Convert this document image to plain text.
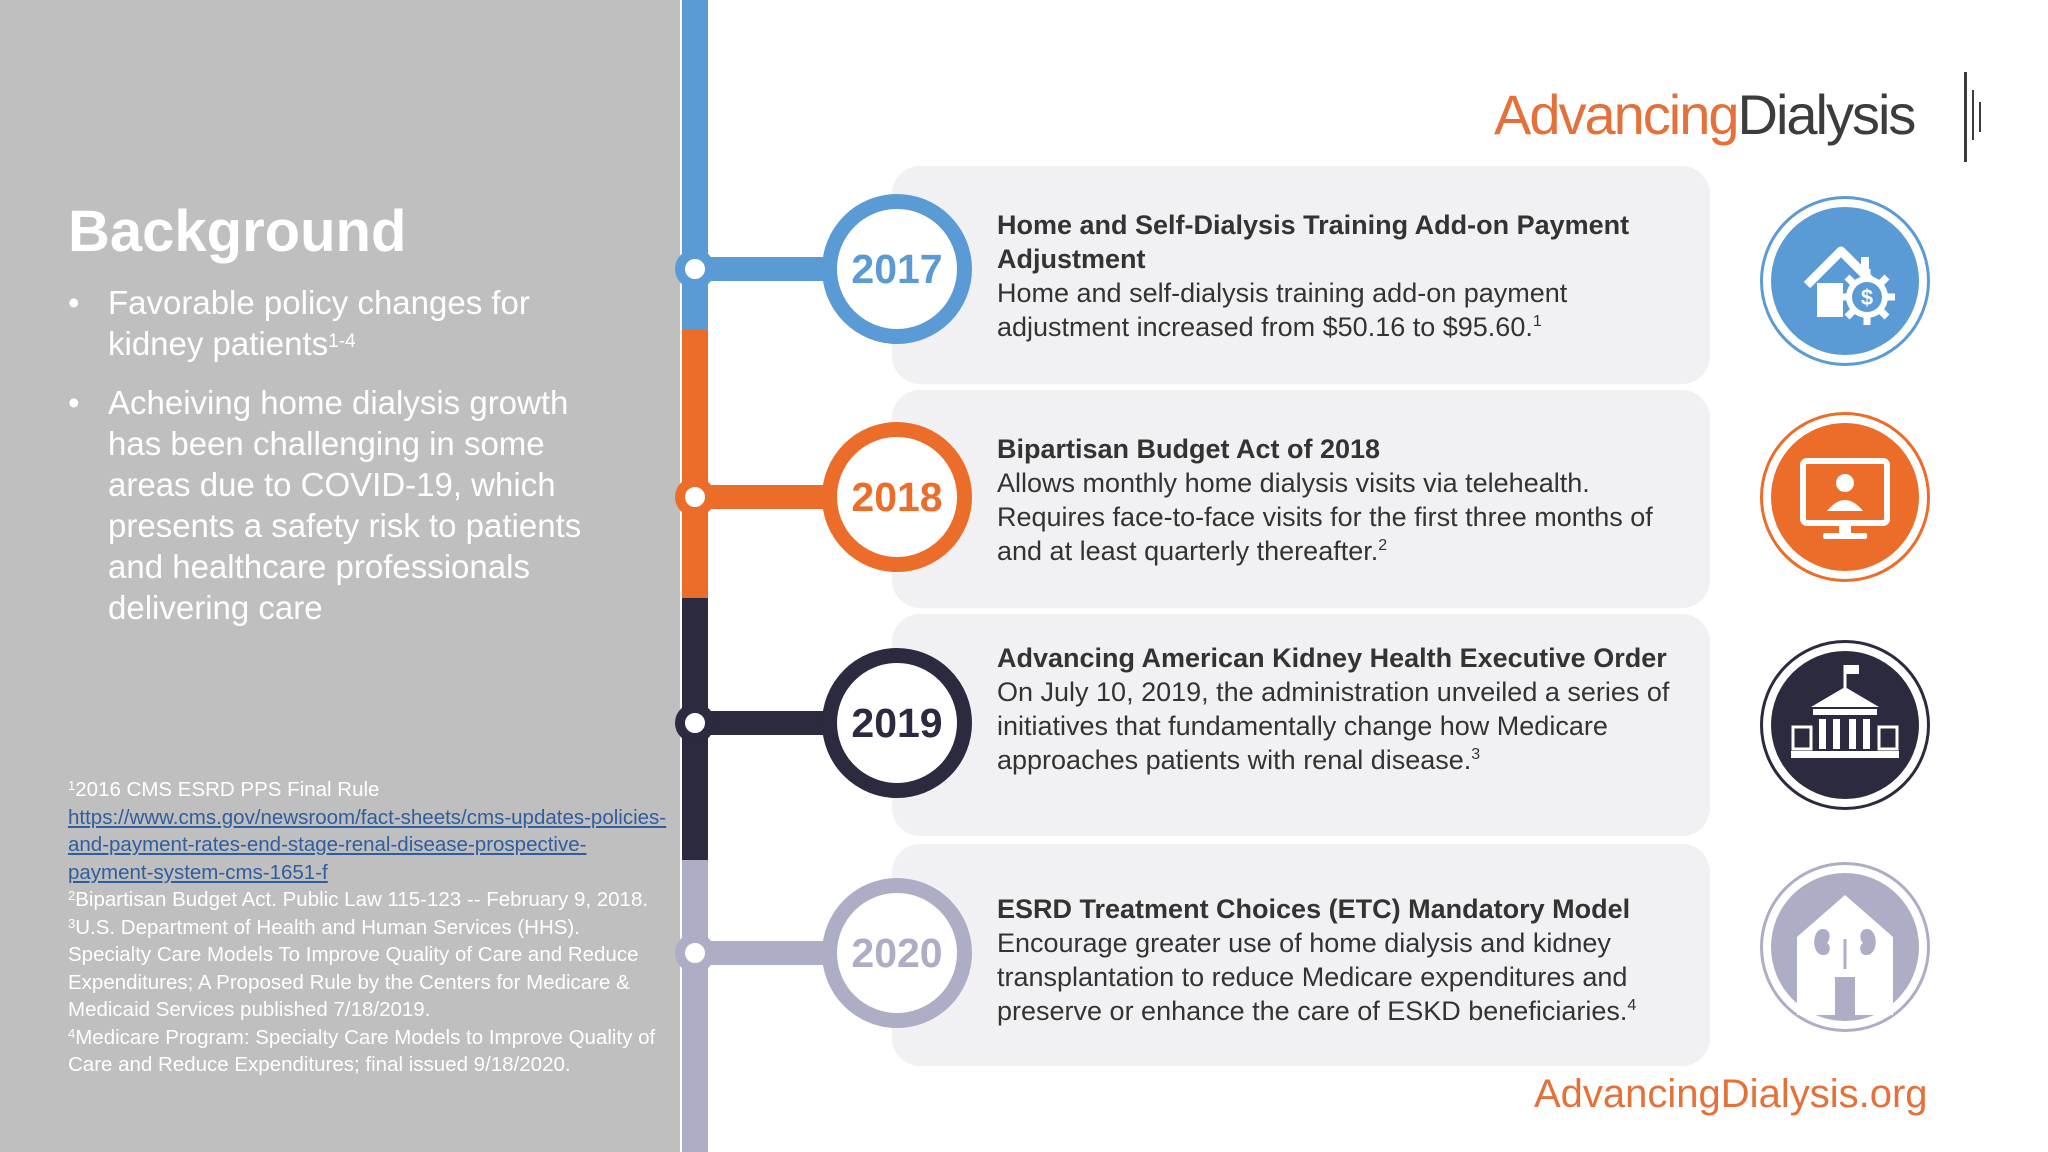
Background
• Favorable policy changes for kidney patients$^{1-4}$
• Acheiving home dialysis growth has been challenging in some areas due to COVID-19, which presents a safety risk to patients and healthcare professionals delivering care

$^1$2016 CMS ESRD PPS Final Rule
https://www.cms.gov/newsroom/fact-sheets/cms-updates-policies-and-payment-rates-end-stage-renal-disease-prospective-payment-system-cms-1651-f

$^2$Bipartisan Budget Act. Public Law 115-123 -- February 9, 2018.

$^3$U.S. Department of Health and Human Services (HHS). Specialty Care Models To Improve Quality of Care and Reduce Expenditures; A Proposed Rule by the Centers for Medicare & Medicaid Services published 7/18/2019.

$^4$Medicare Program: Specialty Care Models to Improve Quality of Care and Reduce Expenditures; final issued 9/18/2020.

2017
2018
2019
2020
Home and Self-Dialysis Training Add-on Payment Adjustment
Home and self-dialysis training add-on payment adjustment increased from $50.16 to $95.60.$^1$
Bipartisan Budget Act of 2018
Allows monthly home dialysis visits via telehealth. Requires face-to-face visits for the first three months of and at least quarterly thereafter.$^2$
Advancing American Kidney Health Executive Order
On July 10, 2019, the administration unveiled a series of initiatives that fundamentally change how Medicare approaches patients with renal disease.$^3$
ESRD Treatment Choices (ETC) Mandatory Model
Encourage greater use of home dialysis and kidney transplantation to reduce Medicare expenditures and preserve or enhance the care of ESKD beneficiaries.$^4$
$
Advancing Dialysis
AdvancingDialysis.org
